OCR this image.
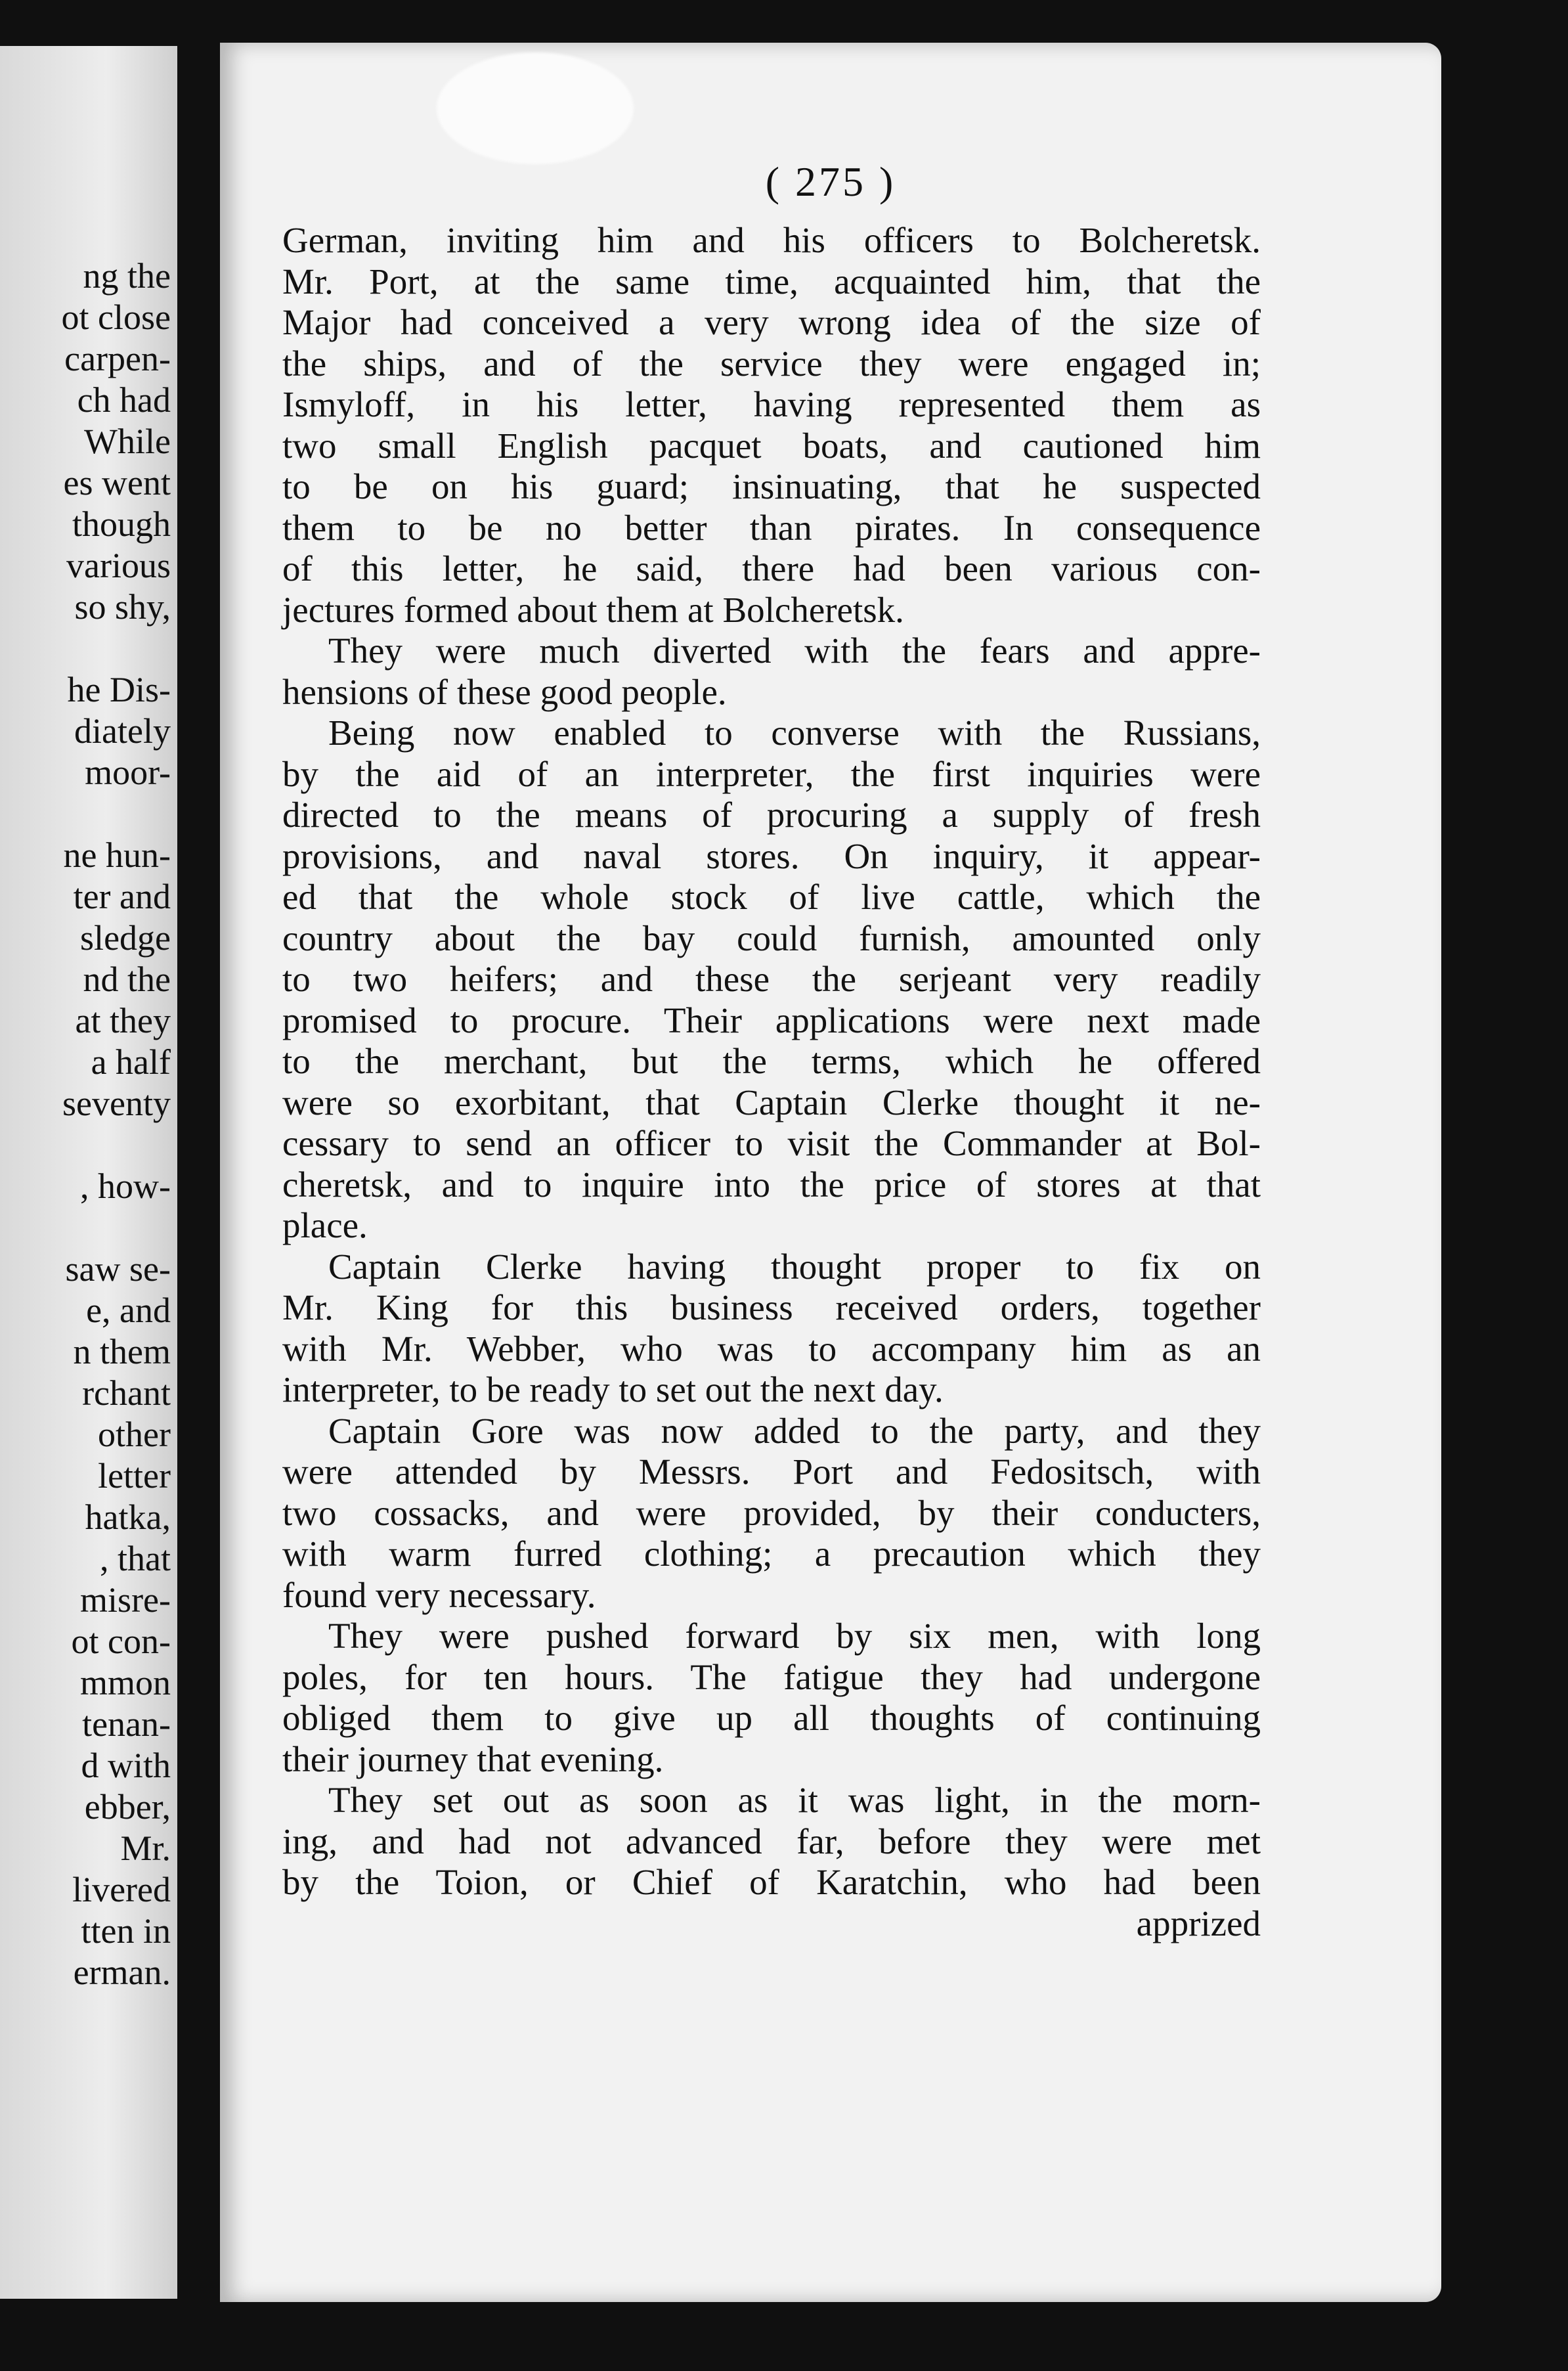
ng the

ot close

carpen-

ch had

While

es went

though

various

so shy,

he Dis-

diately

moor-

ne hun-

ter and

sledge

nd the

at they

a half

seventy

, how-

saw se-

e, and

n them

rchant

other

letter

hatka,

, that

misre-

ot con-

mmon

tenan-

d with

ebber,

Mr.

livered

tten in

erman.

( 275 )

German, inviting him and his officers to Bolcheretsk.

Mr. Port, at the same time, acquainted him, that the

Major had conceived a very wrong idea of the size of

the ships, and of the service they were engaged in;

Ismyloff, in his letter, having represented them as

two small English pacquet boats, and cautioned him

to be on his guard; insinuating, that he suspected

them to be no better than pirates. In consequence

of this letter, he said, there had been various con-

jectures formed about them at Bolcheretsk.

They were much diverted with the fears and appre-

hensions of these good people.

Being now enabled to converse with the Russians,

by the aid of an interpreter, the first inquiries were

directed to the means of procuring a supply of fresh

provisions, and naval stores. On inquiry, it appear-

ed that the whole stock of live cattle, which the

country about the bay could furnish, amounted only

to two heifers; and these the serjeant very readily

promised to procure. Their applications were next made

to the merchant, but the terms, which he offered

were so exorbitant, that Captain Clerke thought it ne-

cessary to send an officer to visit the Commander at Bol-

cheretsk, and to inquire into the price of stores at that

place.

Captain Clerke having thought proper to fix on

Mr. King for this business received orders, together

with Mr. Webber, who was to accompany him as an

interpreter, to be ready to set out the next day.

Captain Gore was now added to the party, and they

were attended by Messrs. Port and Fedositsch, with

two cossacks, and were provided, by their conducters,

with warm furred clothing; a precaution which they

found very necessary.

They were pushed forward by six men, with long

poles, for ten hours. The fatigue they had undergone

obliged them to give up all thoughts of continuing

their journey that evening.

They set out as soon as it was light, in the morn-

ing, and had not advanced far, before they were met

by the Toion, or Chief of Karatchin, who had been

apprized
